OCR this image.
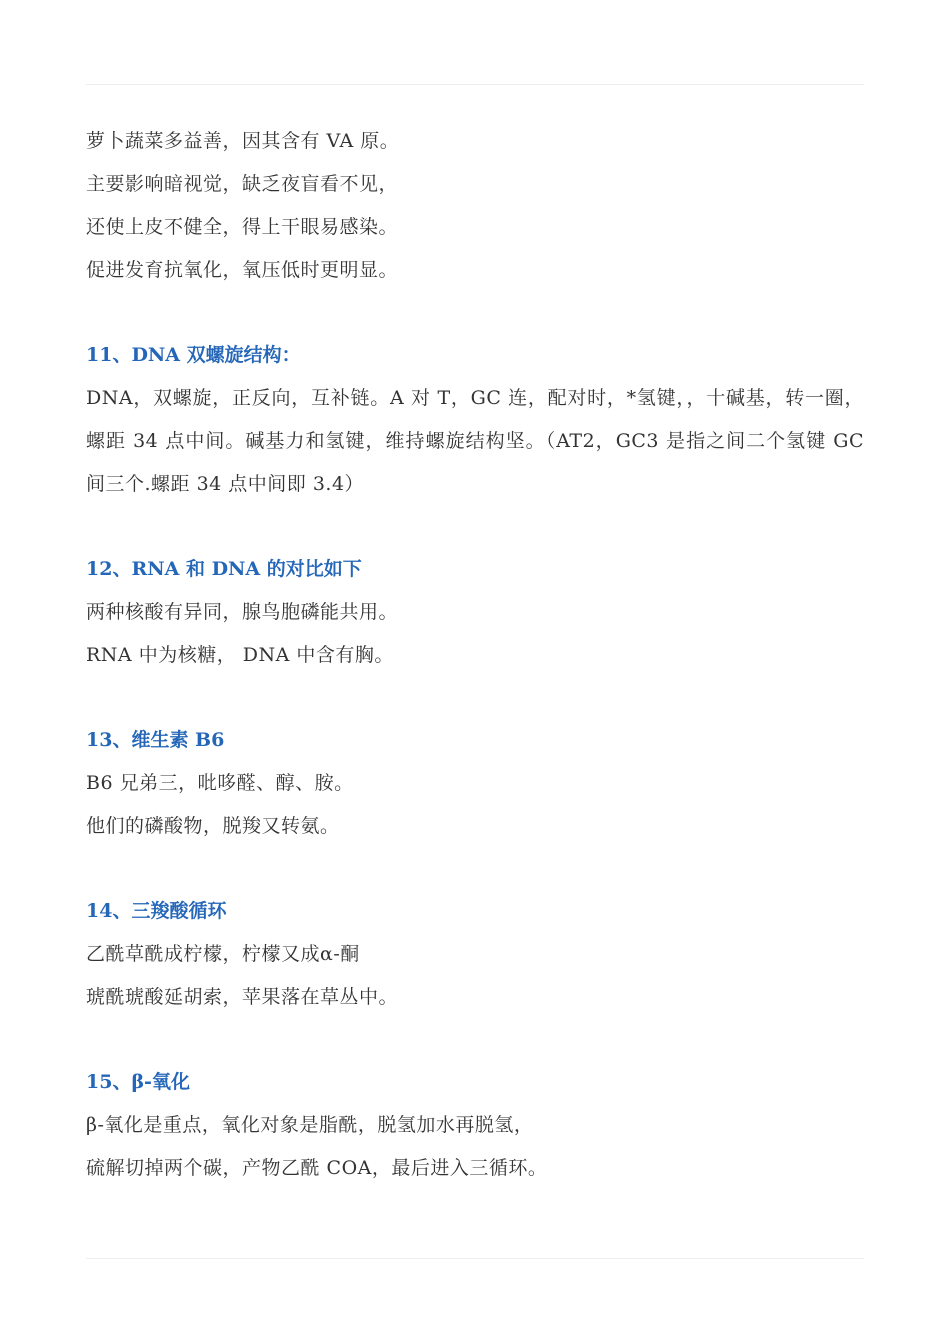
萝卜蔬菜多益善，因其含有 VA 原。
主要影响暗视觉，缺乏夜盲看不见，
还使上皮不健全，得上干眼易感染。
促进发育抗氧化，氧压低时更明显。
11、DNA 双螺旋结构：
DNA，双螺旋，正反向，互补链。A 对 T，GC 连，配对时，*氢键，，十碱基，转一圈，螺距 34 点中间。碱基力和氢键，维持螺旋结构坚。（AT2，GC3 是指之间二个氢键 GC 间三个.螺距 34 点中间即 3.4）
12、RNA 和 DNA 的对比如下
两种核酸有异同，腺鸟胞磷能共用。
RNA 中为核糖， DNA 中含有胸。
13、维生素 B6
B6 兄弟三，吡哆醛、醇、胺。
他们的磷酸物，脱羧又转氨。
14、三羧酸循环
乙酰草酰成柠檬，柠檬又成α-酮
琥酰琥酸延胡索，苹果落在草丛中。
15、β-氧化
β-氧化是重点，氧化对象是脂酰，脱氢加水再脱氢，
硫解切掉两个碳，产物乙酰 COA，最后进入三循环。
